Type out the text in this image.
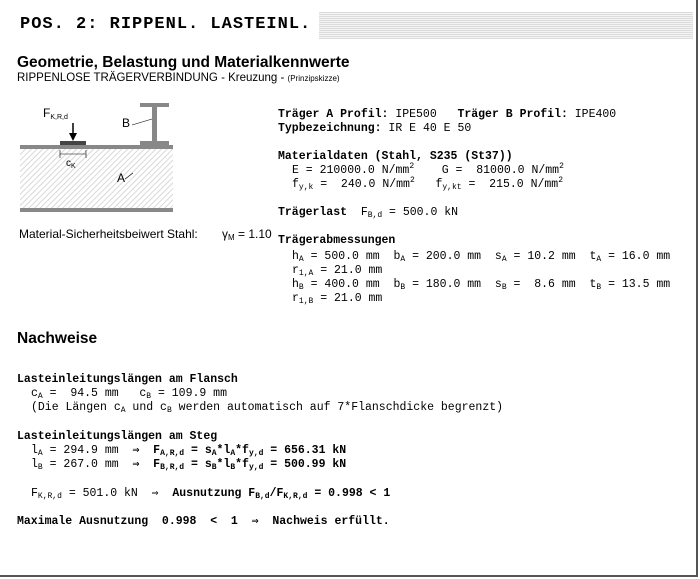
POS. 2: RIPPENL. LASTEINL.
Geometrie, Belastung und Materialkennwerte
RIPPENLOSE TRÄGERVERBINDUNG - Kreuzung - (Prinzipskizze)
FK,R,d	B
$c_K$
A
Material-Sicherheitsbeiwert Stahl: $\gamma_M = 1.10$
Träger A Profil: IPE500 Träger B Profil: IPE400
Typbezeichnung: IR E 40 E 50
Materialdaten (Stahl, S235 (St37))
E = 210000.0 $N/mm^2$ G =  81000.0 $N/mm^2$
$f_{y,k} = 240.0$ $N/mm^2$ $f_{y,kt} = 215.0$ $N/mm^2$
Trägerlast $F_{B,d} = 500.0$ kN
Trägerabmessungen
$h_A = 500.0$ mm  $b_A = 200.0$ mm  $s_A = 10.2$ mm  $t_A = 16.0$ mm
$r_{1,A} = 21.0$ mm
$h_B = 400.0$ mm  $b_B = 180.0$ mm  $s_B = 8.6$ mm  $t_B = 13.5$ mm
$r_{1,B} = 21.0$ mm
Nachweise
Lasteinleitungslängen am Flansch
$c_A = 94.5$ mm   $c_B = 109.9$ mm
(Die Längen $c_A$ und $c_B$ werden automatisch auf 7*Flanschdicke begrenzt)
Lasteinleitungslängen am Steg
$l_A = 294.9$ mm ⇒  $F_{A,R,d} = s_A*l_A*f_{y,d} = 656.31$ kN
$l_B = 267.0$ mm ⇒  $F_{B,R,d} = s_B*l_B*f_{y,d} = 500.99$ kN
$F_{K,R,d} = 501.0$ kN  ⇒  Ausnutzung $F_{B,d}/F_{K,R,d} = 0.998 < 1$
Maximale Ausnutzung  0.998  <  1  ⇒  Nachweis erfüllt.
